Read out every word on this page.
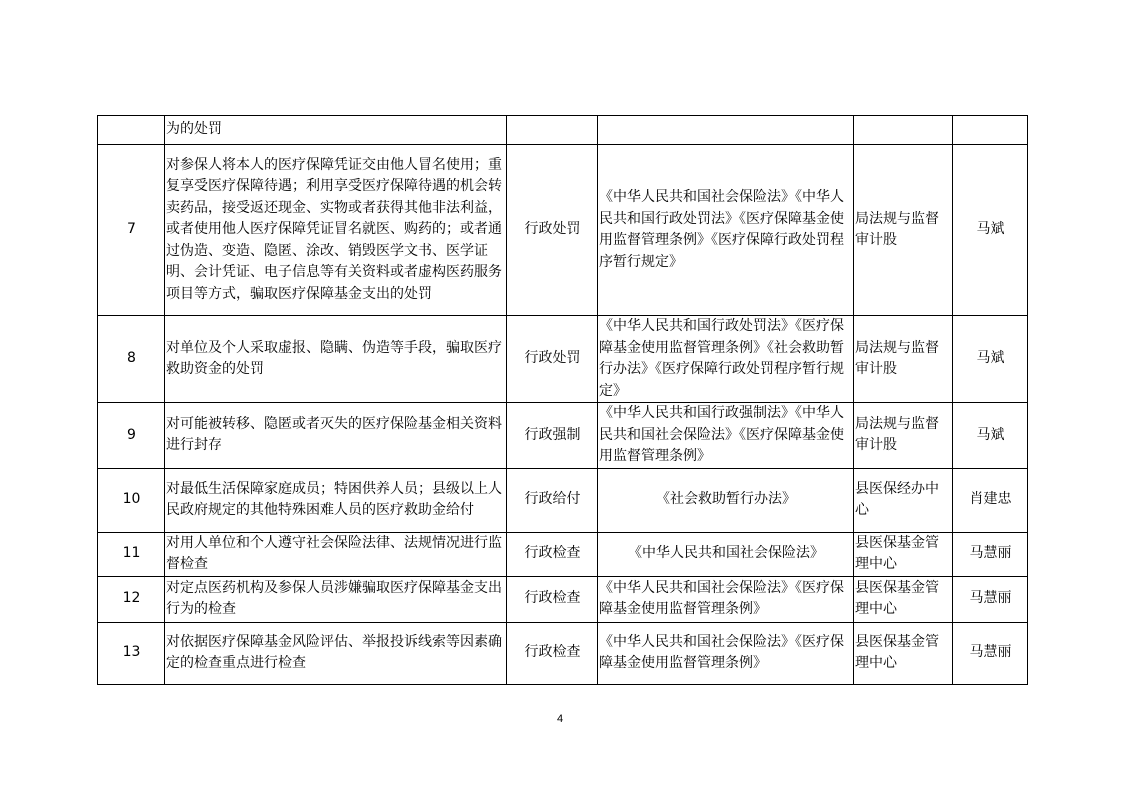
	为的处罚				
7	对参保人将本人的医疗保障凭证交由他人冒名使用；重复享受医疗保障待遇；利用享受医疗保障待遇的机会转卖药品，接受返还现金、实物或者获得其他非法利益，或者使用他人医疗保障凭证冒名就医、购药的；或者通过伪造、变造、隐匿、涂改、销毁医学文书、医学证明、会计凭证、电子信息等有关资料或者虚构医药服务项目等方式，骗取医疗保障基金支出的处罚	行政处罚	《中华人民共和国社会保险法》《中华人民共和国行政处罚法》《医疗保障基金使用监督管理条例》《医疗保障行政处罚程序暂行规定》	局法规与监督审计股	马斌
8	对单位及个人采取虚报、隐瞒、伪造等手段，骗取医疗救助资金的处罚	行政处罚	《中华人民共和国行政处罚法》《医疗保障基金使用监督管理条例》《社会救助暂行办法》《医疗保障行政处罚程序暂行规定》	局法规与监督审计股	马斌
9	对可能被转移、隐匿或者灭失的医疗保险基金相关资料进行封存	行政强制	《中华人民共和国行政强制法》《中华人民共和国社会保险法》《医疗保障基金使用监督管理条例》	局法规与监督审计股	马斌
10	对最低生活保障家庭成员；特困供养人员；县级以上人民政府规定的其他特殊困难人员的医疗救助金给付	行政给付	《社会救助暂行办法》	县医保经办中心	肖建忠
11	对用人单位和个人遵守社会保险法律、法规情况进行监督检查	行政检查	《中华人民共和国社会保险法》	县医保基金管理中心	马慧丽
12	对定点医药机构及参保人员涉嫌骗取医疗保障基金支出行为的检查	行政检查	《中华人民共和国社会保险法》《医疗保障基金使用监督管理条例》	县医保基金管理中心	马慧丽
13	对依据医疗保障基金风险评估、举报投诉线索等因素确定的检查重点进行检查	行政检查	《中华人民共和国社会保险法》《医疗保障基金使用监督管理条例》	县医保基金管理中心	马慧丽
4
